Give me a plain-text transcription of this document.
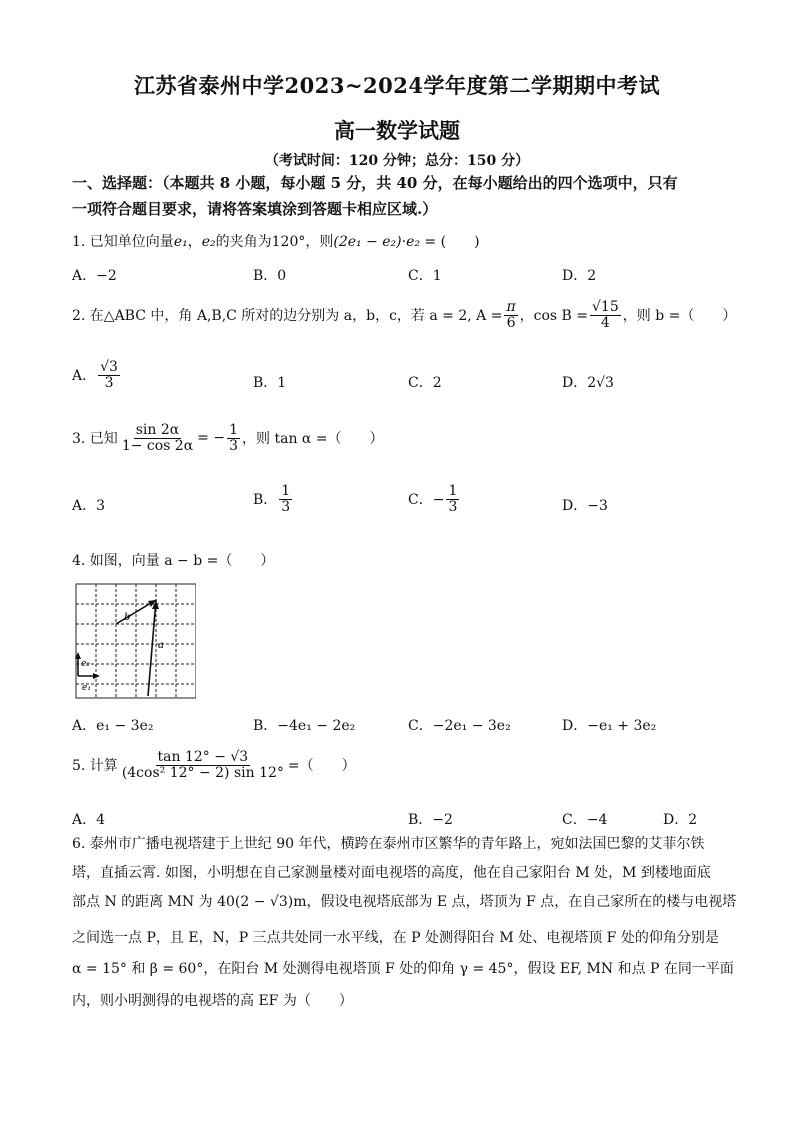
江苏省泰州中学2023~2024学年度第二学期期中考试
高一数学试题
（考试时间：120 分钟；总分：150 分）
一、选择题：（本题共 8 小题，每小题 5 分，共 40 分，在每小题给出的四个选项中，只有
一项符合题目要求，请将答案填涂到答题卡相应区域.）
1. 已知单位向量e₁，e₂的夹角为120°，则(2e₁ − e₂)·e₂ = (　　)
A．−2	B．0	C．1	D．2
2. 在△ABC 中，角 A,B,C 所对的边分别为 a，b，c，若 a = 2, $A = \frac{\pi}{6}$ ，$\cos B = \frac{√15}{4}$ ，则 b =（　　）
A． $\frac{√3}{3}$	B．1	C．2	D．2√3
3. 已知 $\frac{\sin 2\alpha}{1- \cos 2\alpha}$ = − $\frac{1}{3}$ ，则 tan α =（　　）
A．3	B． $\frac{1}{3}$	C．− $\frac{1}{3}$	D．−3
4. 如图，向量 a − b =（　　）
b
a
e₂
e₁
A．e₁ − 3e₂	B．−4e₁ − 2e₂	C．−2e₁ − 3e₂	D．−e₁ + 3e₂
5. 计算 $\frac{\tan 12^\circ - √3}{\text{(4cos² 12° − 2) sin 12°}}$ =（　　）
A．4	B．−2	C．−4	D．2
6. 泰州市广播电视塔建于上世纪 90 年代，横跨在泰州市区繁华的青年路上，宛如法国巴黎的艾菲尔铁
塔，直插云霄. 如图，小明想在自己家测量楼对面电视塔的高度，他在自己家阳台 M 处，M 到楼地面底
部点 N 的距离 MN 为 40(2 − √3)m，假设电视塔底部为 E 点，塔顶为 F 点，在自己家所在的楼与电视塔
之间选一点 P，且 E，N，P 三点共处同一水平线，在 P 处测得阳台 M 处、电视塔顶 F 处的仰角分别是
α = 15° 和 β = 60°，在阳台 M 处测得电视塔顶 F 处的仰角 γ = 45°，假设 EF, MN 和点 P 在同一平面
内，则小明测得的电视塔的高 EF 为（　　）
